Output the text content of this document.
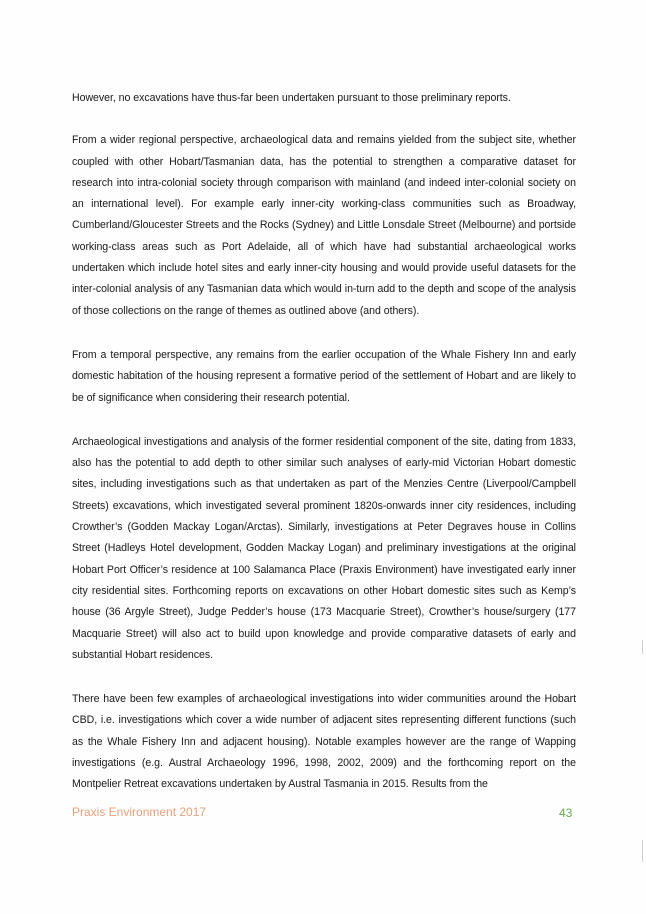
However, no excavations have thus-far been undertaken pursuant to those preliminary reports.

From a wider regional perspective, archaeological data and remains yielded from the subject site, whether coupled with other Hobart/Tasmanian data, has the potential to strengthen a comparative dataset for research into intra-colonial society through comparison with mainland (and indeed inter-colonial society on an international level). For example early inner-city working-class communities such as Broadway, Cumberland/Gloucester Streets and the Rocks (Sydney) and Little Lonsdale Street (Melbourne) and portside working-class areas such as Port Adelaide, all of which have had substantial archaeological works undertaken which include hotel sites and early inner-city housing and would provide useful datasets for the inter-colonial analysis of any Tasmanian data which would in-turn add to the depth and scope of the analysis of those collections on the range of themes as outlined above (and others).

From a temporal perspective, any remains from the earlier occupation of the Whale Fishery Inn and early domestic habitation of the housing represent a formative period of the settlement of Hobart and are likely to be of significance when considering their research potential.

Archaeological investigations and analysis of the former residential component of the site, dating from 1833, also has the potential to add depth to other similar such analyses of early-mid Victorian Hobart domestic sites, including investigations such as that undertaken as part of the Menzies Centre (Liverpool/Campbell Streets) excavations, which investigated several prominent 1820s-onwards inner city residences, including Crowther’s (Godden Mackay Logan/Arctas). Similarly, investigations at Peter Degraves house in Collins Street (Hadleys Hotel development, Godden Mackay Logan) and preliminary investigations at the original Hobart Port Officer’s residence at 100 Salamanca Place (Praxis Environment) have investigated early inner city residential sites. Forthcoming reports on excavations on other Hobart domestic sites such as Kemp’s house (36 Argyle Street), Judge Pedder’s house (173 Macquarie Street), Crowther’s house/surgery (177 Macquarie Street) will also act to build upon knowledge and provide comparative datasets of early and substantial Hobart residences.

There have been few examples of archaeological investigations into wider communities around the Hobart CBD, i.e. investigations which cover a wide number of adjacent sites representing different functions (such as the Whale Fishery Inn and adjacent housing). Notable examples however are the range of Wapping investigations (e.g. Austral Archaeology 1996, 1998, 2002, 2009) and the forthcoming report on the Montpelier Retreat excavations undertaken by Austral Tasmania in 2015. Results from the

Praxis Environment 2017	43
